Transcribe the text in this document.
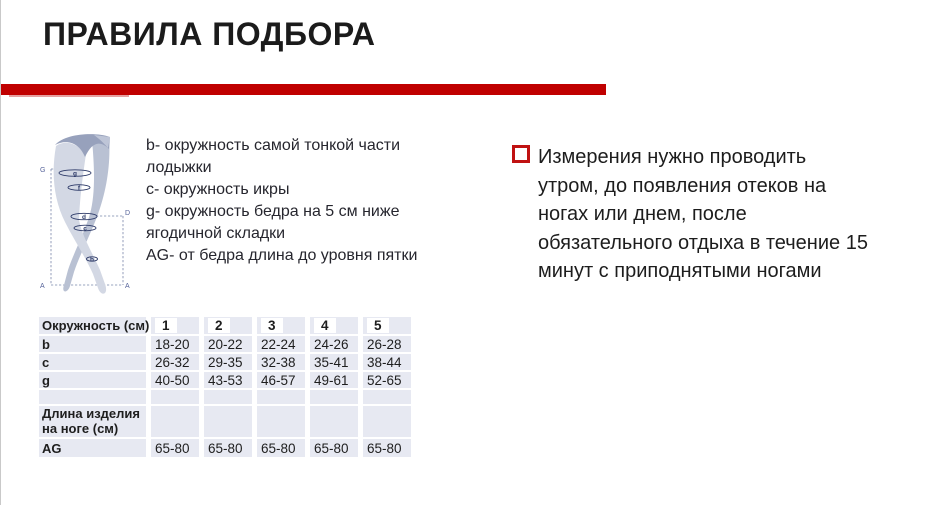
ПРАВИЛА ПОДБОРА
g
f
d
c
b
G
D
A	A
b- окружность самой тонкой части лодыжки
c- окружность икры
g- окружность бедра на 5 см ниже ягодичной складки
AG- от бедра длина до уровня пятки
Измерения нужно проводить
утром, до появления отеков на
ногах или днем, после
обязательного отдыха в течение 15
минут с приподнятыми ногами
Окружность (см) 1	2	3	4	5
b	18-20	20-22	22-24	24-26	26-28
c	26-32	29-35	32-38	35-41	38-44
g	40-50	43-53	46-57	49-61	52-65
Длина изделия на ноге (см)
AG	65-80	65-80	65-80	65-80	65-80
